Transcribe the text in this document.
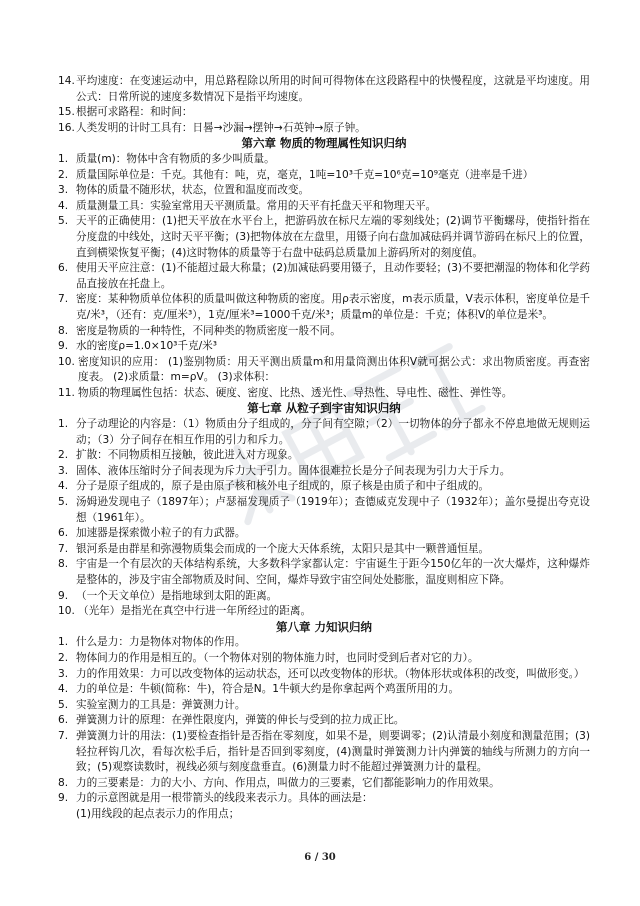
14. 平均速度：在变速运动中，用总路程除以所用的时间可得物体在这段路程中的快慢程度，这就是平均速度。用公式：日常所说的速度多数情况下是指平均速度。
15. 根据可求路程：和时间：
16. 人类发明的计时工具有：日晷→沙漏→摆钟→石英钟→原子钟。
第六章 物质的物理属性知识归纳
1. 质量(m)：物体中含有物质的多少叫质量。
2. 质量国际单位是：千克。其他有：吨，克，毫克，1吨=10³千克=10⁶克=10⁹毫克（进率是千进）
3. 物体的质量不随形状，状态，位置和温度而改变。
4. 质量测量工具：实验室常用天平测质量。常用的天平有托盘天平和物理天平。
5. 天平的正确使用：(1)把天平放在水平台上，把游码放在标尺左端的零刻线处；(2)调节平衡螺母，使指针指在分度盘的中线处，这时天平平衡；(3)把物体放在左盘里，用镊子向右盘加减砝码并调节游码在标尺上的位置，直到横梁恢复平衡；(4)这时物体的质量等于右盘中砝码总质量加上游码所对的刻度值。
6. 使用天平应注意：(1)不能超过最大称量；(2)加减砝码要用镊子，且动作要轻；(3)不要把潮湿的物体和化学药品直接放在托盘上。
7. 密度：某种物质单位体积的质量叫做这种物质的密度。用ρ表示密度，m表示质量，V表示体积，密度单位是千克/米³，（还有：克/厘米³），1克/厘米³=1000千克/米³；质量m的单位是：千克；体积V的单位是米³。
8. 密度是物质的一种特性，不同种类的物质密度一般不同。
9. 水的密度ρ=1.0×10³千克/米³
10. 密度知识的应用： (1)鉴别物质：用天平测出质量m和用量筒测出体积V就可据公式：求出物质密度。再查密度表。 (2)求质量：m=ρV。 (3)求体积：
11. 物质的物理属性包括：状态、硬度、密度、比热、透光性、导热性、导电性、磁性、弹性等。
第七章 从粒子到宇宙知识归纳
1. 分子动理论的内容是：（1）物质由分子组成的，分子间有空隙；（2）一切物体的分子都永不停息地做无规则运动；（3）分子间存在相互作用的引力和斥力。
2. 扩散：不同物质相互接触，彼此进入对方现象。
3. 固体、液体压缩时分子间表现为斥力大于引力。固体很难拉长是分子间表现为引力大于斥力。
4. 分子是原子组成的，原子是由原子核和核外电子组成的，原子核是由质子和中子组成的。
5. 汤姆逊发现电子（1897年）；卢瑟福发现质子（1919年）；查德威克发现中子（1932年）；盖尔曼提出夸克设想（1961年）。
6. 加速器是探索微小粒子的有力武器。
7. 银河系是由群星和弥漫物质集会而成的一个庞大天体系统，太阳只是其中一颗普通恒星。
8. 宇宙是一个有层次的天体结构系统，大多数科学家都认定：宇宙诞生于距今150亿年的一次大爆炸，这种爆炸是整体的，涉及宇宙全部物质及时间、空间，爆炸导致宇宙空间处处膨胀，温度则相应下降。
9. （一个天文单位）是指地球到太阳的距离。
10. （光年）是指光在真空中行进一年所经过的距离。
第八章 力知识归纳
1. 什么是力：力是物体对物体的作用。
2. 物体间力的作用是相互的。（一个物体对别的物体施力时，也同时受到后者对它的力）。
3. 力的作用效果：力可以改变物体的运动状态，还可以改变物体的形状。（物体形状或体积的改变，叫做形变。）
4. 力的单位是：牛顿(简称：牛)，符合是N。1牛顿大约是你拿起两个鸡蛋所用的力。
5. 实验室测力的工具是：弹簧测力计。
6. 弹簧测力计的原理：在弹性限度内，弹簧的伸长与受到的拉力成正比。
7. 弹簧测力计的用法：(1)要检查指针是否指在零刻度，如果不是，则要调零；(2)认清最小刻度和测量范围；(3)轻拉秤钩几次，看每次松手后，指针是否回到零刻度，(4)测量时弹簧测力计内弹簧的轴线与所测力的方向一致；(5)观察读数时，视线必须与刻度盘垂直。(6)测量力时不能超过弹簧测力计的量程。
8. 力的三要素是：力的大小、方向、作用点，叫做力的三要素，它们都能影响力的作用效果。
9. 力的示意图就是用一根带箭头的线段来表示力。具体的画法是：
(1)用线段的起点表示力的作用点；
6 / 30
